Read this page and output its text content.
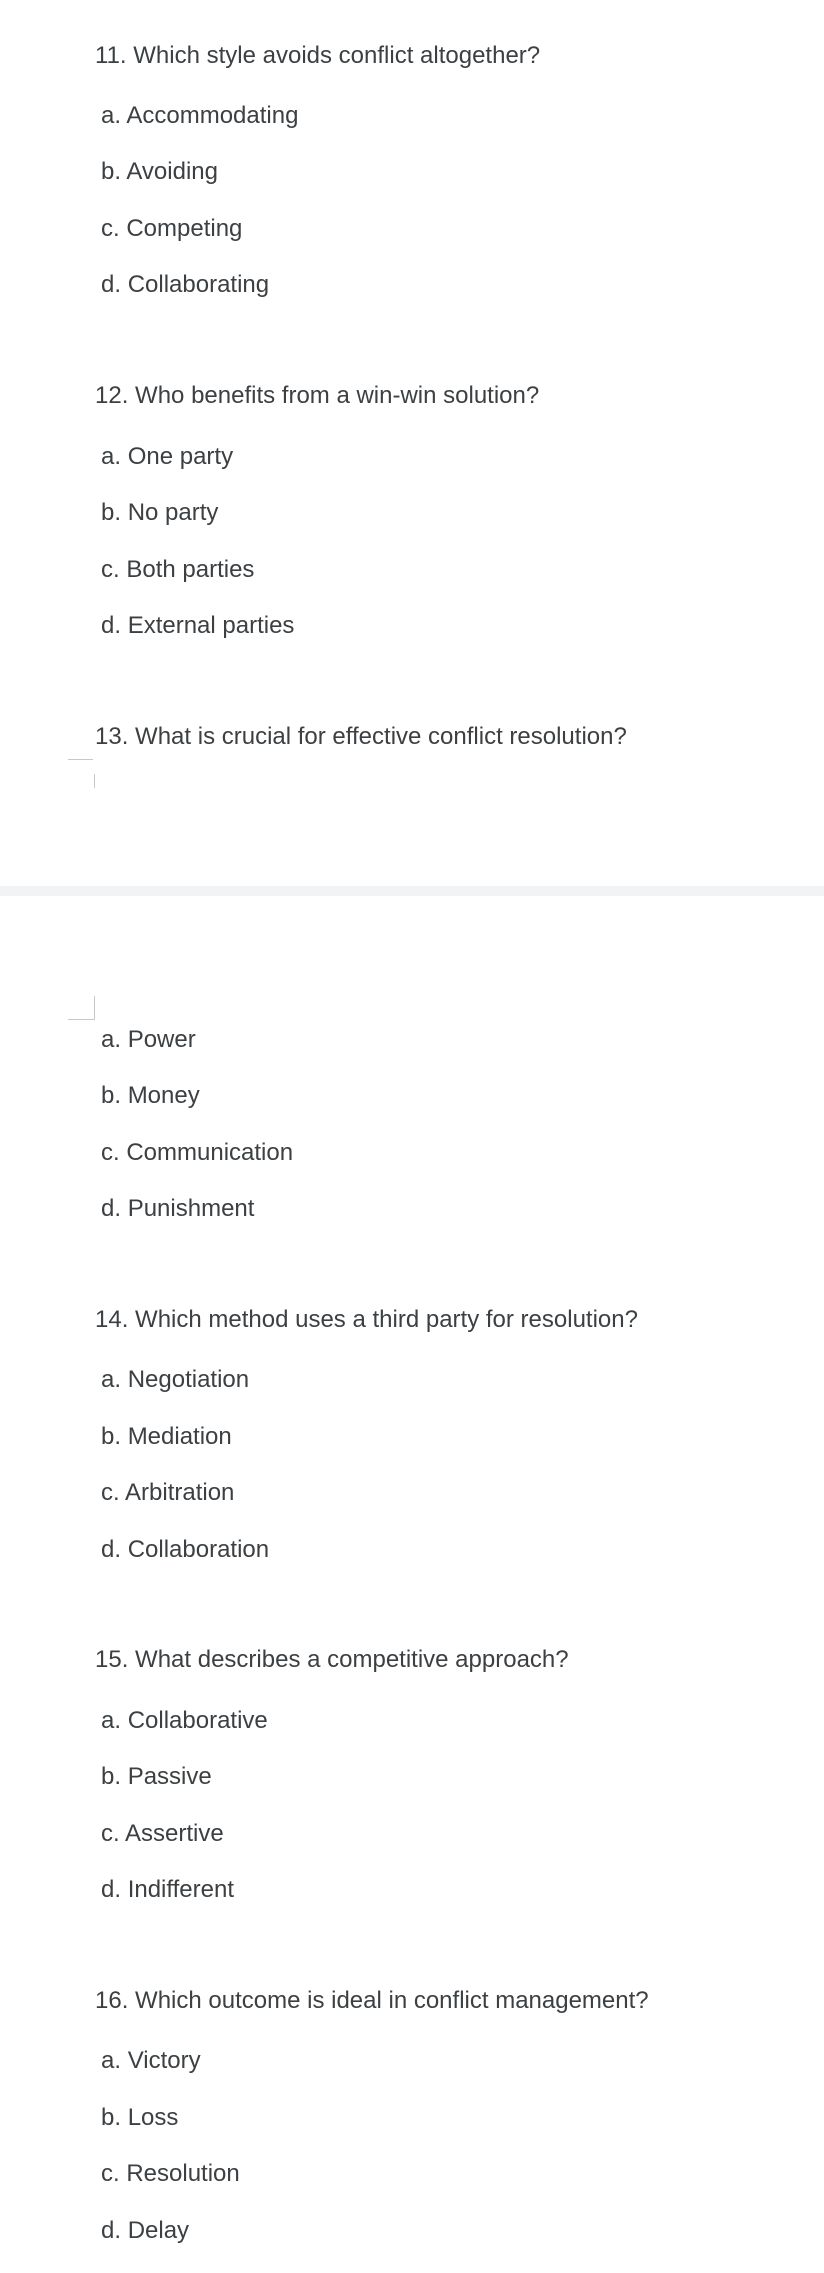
11. Which style avoids conflict altogether?
a. Accommodating
b. Avoiding
c. Competing
d. Collaborating
12. Who benefits from a win-win solution?
a. One party
b. No party
c. Both parties
d. External parties
13. What is crucial for effective conflict resolution?
a. Power
b. Money
c. Communication
d. Punishment
14. Which method uses a third party for resolution?
a. Negotiation
b. Mediation
c. Arbitration
d. Collaboration
15. What describes a competitive approach?
a. Collaborative
b. Passive
c. Assertive
d. Indifferent
16. Which outcome is ideal in conflict management?
a. Victory
b. Loss
c. Resolution
d. Delay
